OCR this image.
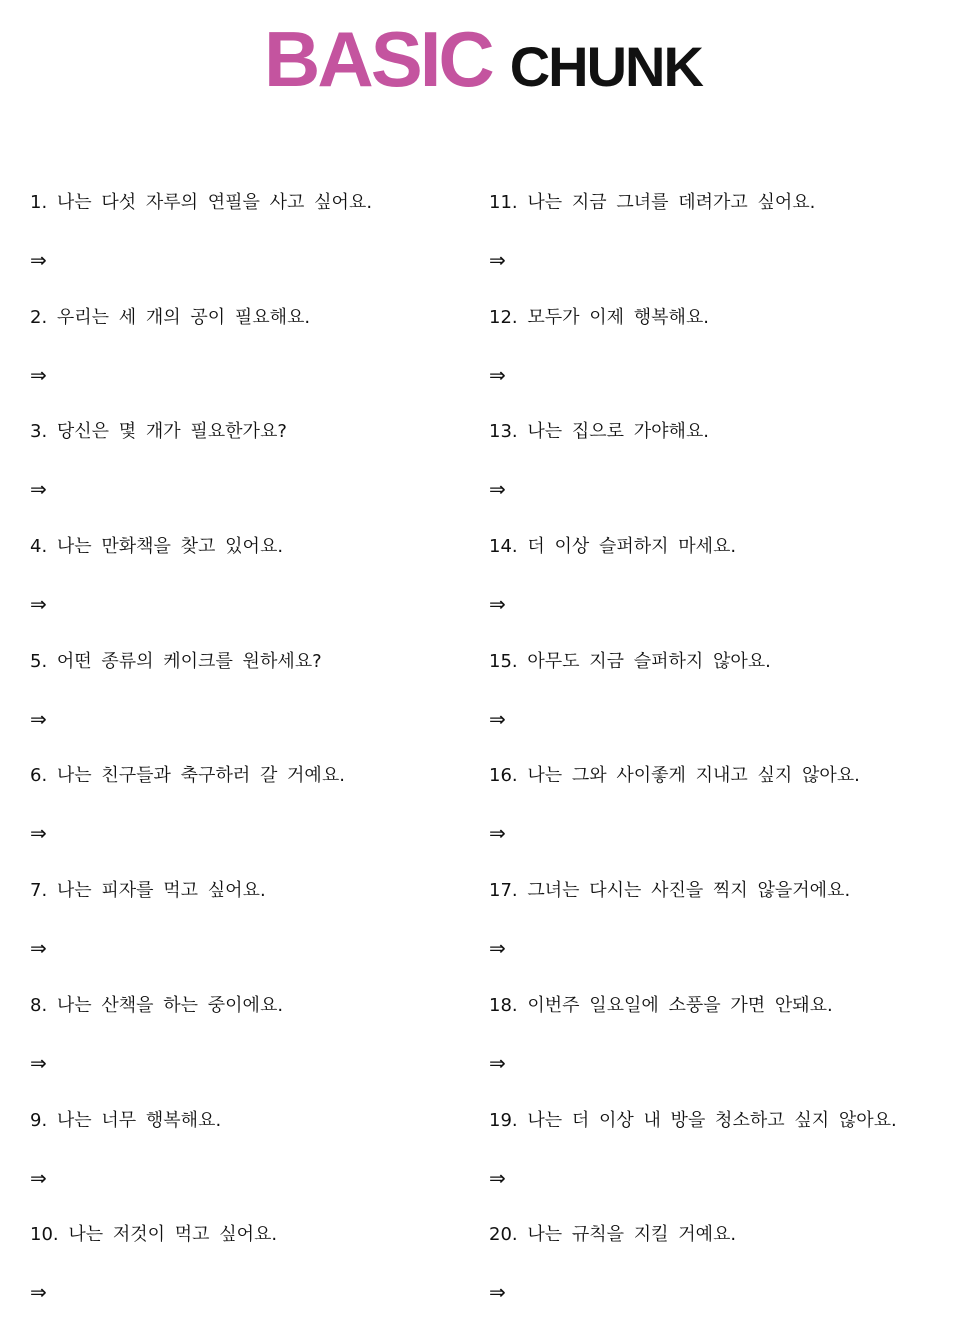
BASIC CHUNK
1. 나는 다섯 자루의 연필을 사고 싶어요.
⇒
2. 우리는 세 개의 공이 필요해요.
⇒
3. 당신은 몇 개가 필요한가요?
⇒
4. 나는 만화책을 찾고 있어요.
⇒
5. 어떤 종류의 케이크를 원하세요?
⇒
6. 나는 친구들과 축구하러 갈 거예요.
⇒
7. 나는 피자를 먹고 싶어요.
⇒
8. 나는 산책을 하는 중이에요.
⇒
9. 나는 너무 행복해요.
⇒
10. 나는 저것이 먹고 싶어요.
⇒
11. 나는 지금 그녀를 데려가고 싶어요.
⇒
12. 모두가 이제 행복해요.
⇒
13. 나는 집으로 가야해요.
⇒
14. 더 이상 슬퍼하지 마세요.
⇒
15. 아무도 지금 슬퍼하지 않아요.
⇒
16. 나는 그와 사이좋게 지내고 싶지 않아요.
⇒
17. 그녀는 다시는 사진을 찍지 않을거에요.
⇒
18. 이번주 일요일에 소풍을 가면 안돼요.
⇒
19. 나는 더 이상 내 방을 청소하고 싶지 않아요.
⇒
20. 나는 규칙을 지킬 거예요.
⇒
